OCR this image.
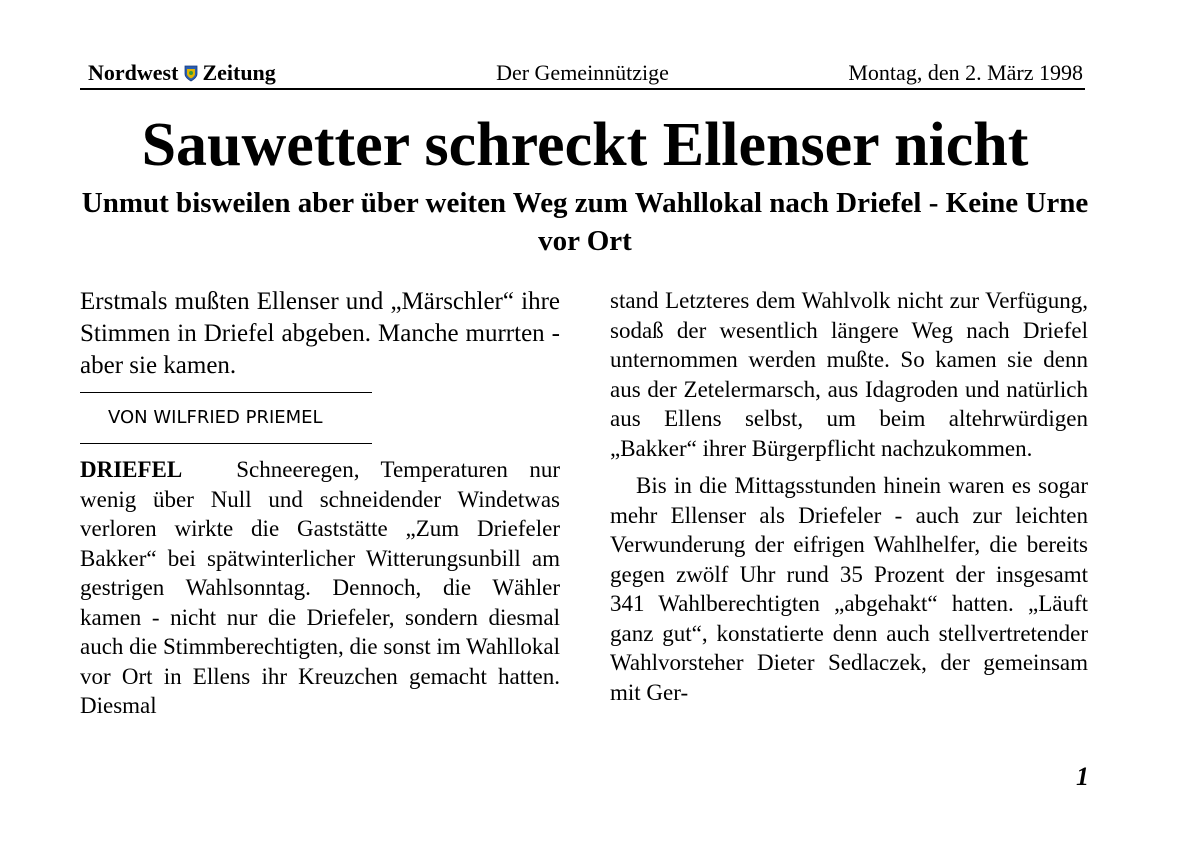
Der Gemeinnützige
Nordwest Zeitung	Montag, den 2. März 1998
Sauwetter schreckt Ellenser nicht
Unmut bisweilen aber über weiten Weg zum Wahllokal nach Driefel - Keine Urne vor Ort

Erstmals mußten Ellenser und „Märschler“ ihre Stimmen in Driefel abgeben. Manche murrten - aber sie kamen.

VON WILFRIED PRIEMEL

DRIEFEL Schneeregen, Temperaturen nur wenig über Null und schneidender Windetwas verloren wirkte die Gaststätte „Zum Driefeler Bakker“ bei spätwinterlicher Witterungsunbill am gestrigen Wahlsonntag. Dennoch, die Wähler kamen - nicht nur die Driefeler, sondern diesmal auch die Stimmberechtigten, die sonst im Wahllokal vor Ort in Ellens ihr Kreuzchen gemacht hatten. Diesmal

stand Letzteres dem Wahlvolk nicht zur Verfügung, sodaß der wesentlich längere Weg nach Driefel unternommen werden mußte. So kamen sie denn aus der Zetelermarsch, aus Idagroden und natürlich aus Ellens selbst, um beim altehrwürdigen „Bakker“ ihrer Bürgerpflicht nachzukommen.

Bis in die Mittagsstunden hinein waren es sogar mehr Ellenser als Driefeler - auch zur leichten Verwunderung der eifrigen Wahlhelfer, die bereits gegen zwölf Uhr rund 35 Prozent der insgesamt 341 Wahlberechtigten „abgehakt“ hatten. „Läuft ganz gut“, konstatierte denn auch stellvertretender Wahlvorsteher Dieter Sedlaczek, der gemeinsam mit Ger-

1
